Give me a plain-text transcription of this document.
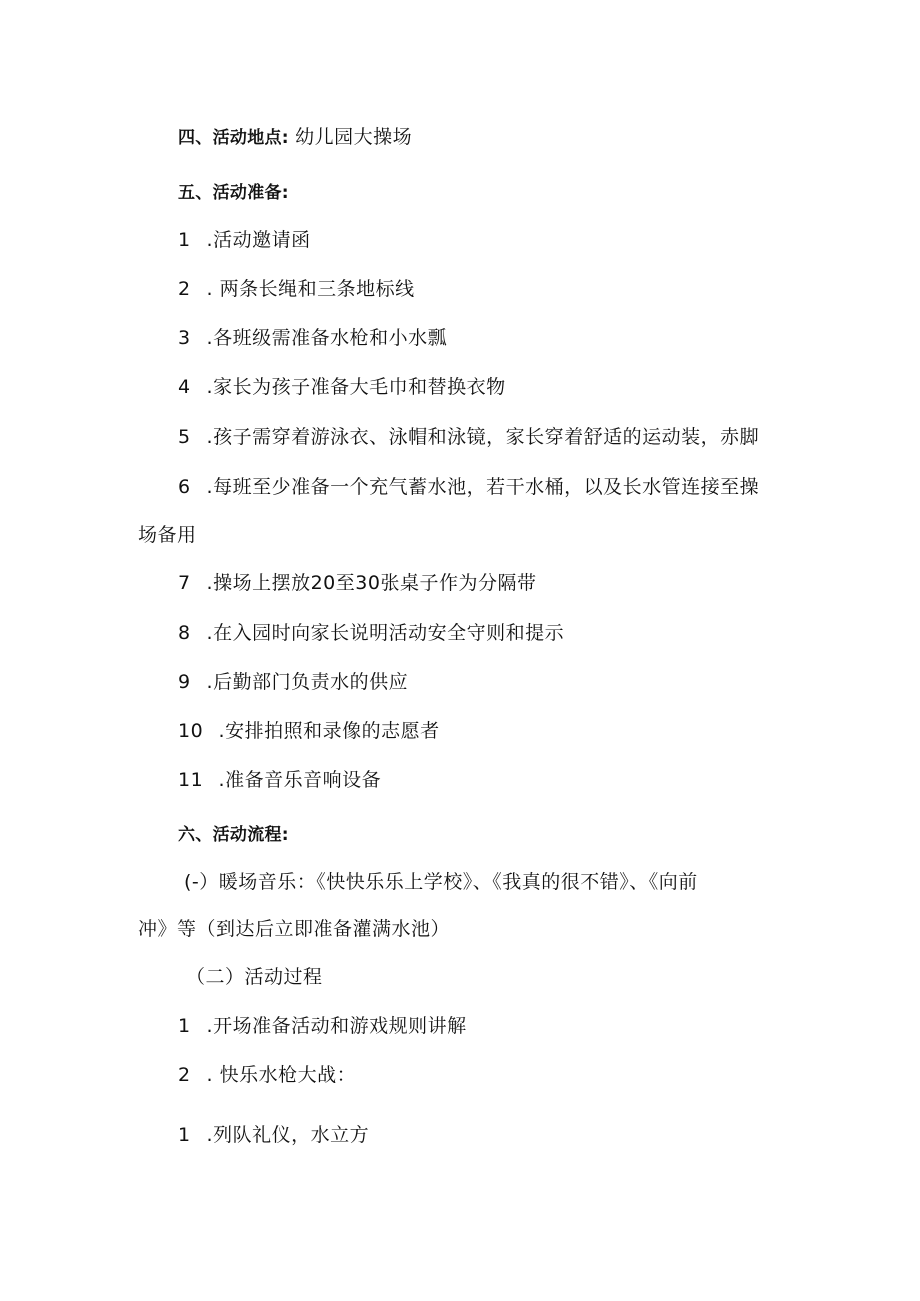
四、活动地点: 幼儿园大操场
五、活动准备:
1 .活动邀请函
2 . 两条长绳和三条地标线
3 .各班级需准备水枪和小水瓢
4 .家长为孩子准备大毛巾和替换衣物
5 .孩子需穿着游泳衣、泳帽和泳镜，家长穿着舒适的运动装，赤脚
6 .每班至少准备一个充气蓄水池，若干水桶，以及长水管连接至操
场备用
7 .操场上摆放20至30张桌子作为分隔带
8 .在入园时向家长说明活动安全守则和提示
9 .后勤部门负责水的供应
10 .安排拍照和录像的志愿者
11 .准备音乐音响设备
六、活动流程:
(-）暖场音乐：《快快乐乐上学校》、《我真的很不错》、《向前
冲》等（到达后立即准备灌满水池）
（二）活动过程
1 .开场准备活动和游戏规则讲解
2 . 快乐水枪大战：
1 .列队礼仪，水立方
